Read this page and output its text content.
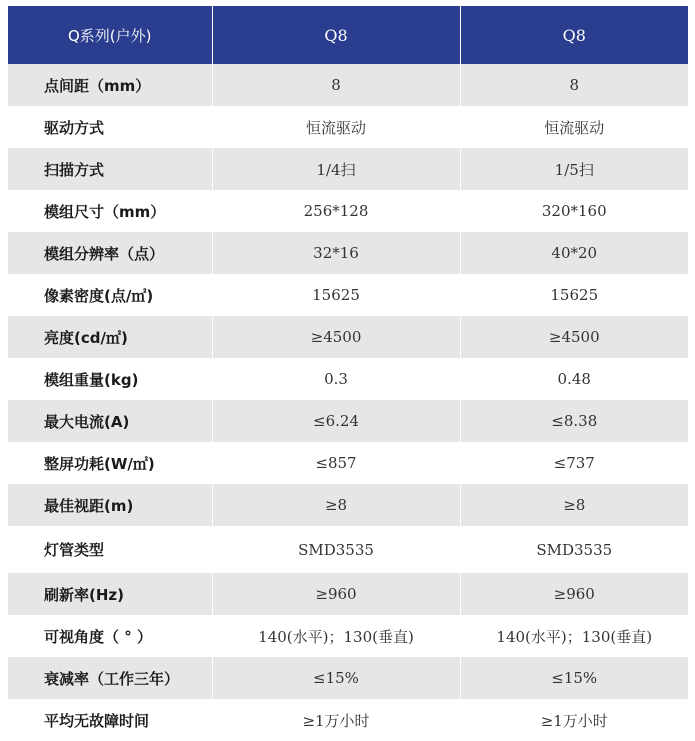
Q系列(户外)	Q8	Q8
点间距（mm）	8	8
驱动方式	恒流驱动	恒流驱动
扫描方式	1/4扫	1/5扫
模组尺寸（mm）	256*128	320*160
模组分辨率（点）	32*16	40*20
像素密度(点/㎡)	15625	15625
亮度(cd/㎡)	≥4500	≥4500
模组重量(kg)	0.3	0.48
最大电流(A)	≤6.24	≤8.38
整屏功耗(W/㎡)	≤857	≤737
最佳视距(m)	≥8	≥8
灯管类型	SMD3535	SMD3535
刷新率(Hz)	≥960	≥960
可视角度（ ° ）	140(水平)；130(垂直)	140(水平)；130(垂直)
衰减率（工作三年）	≤15%	≤15%
平均无故障时间	≥1万小时	≥1万小时
